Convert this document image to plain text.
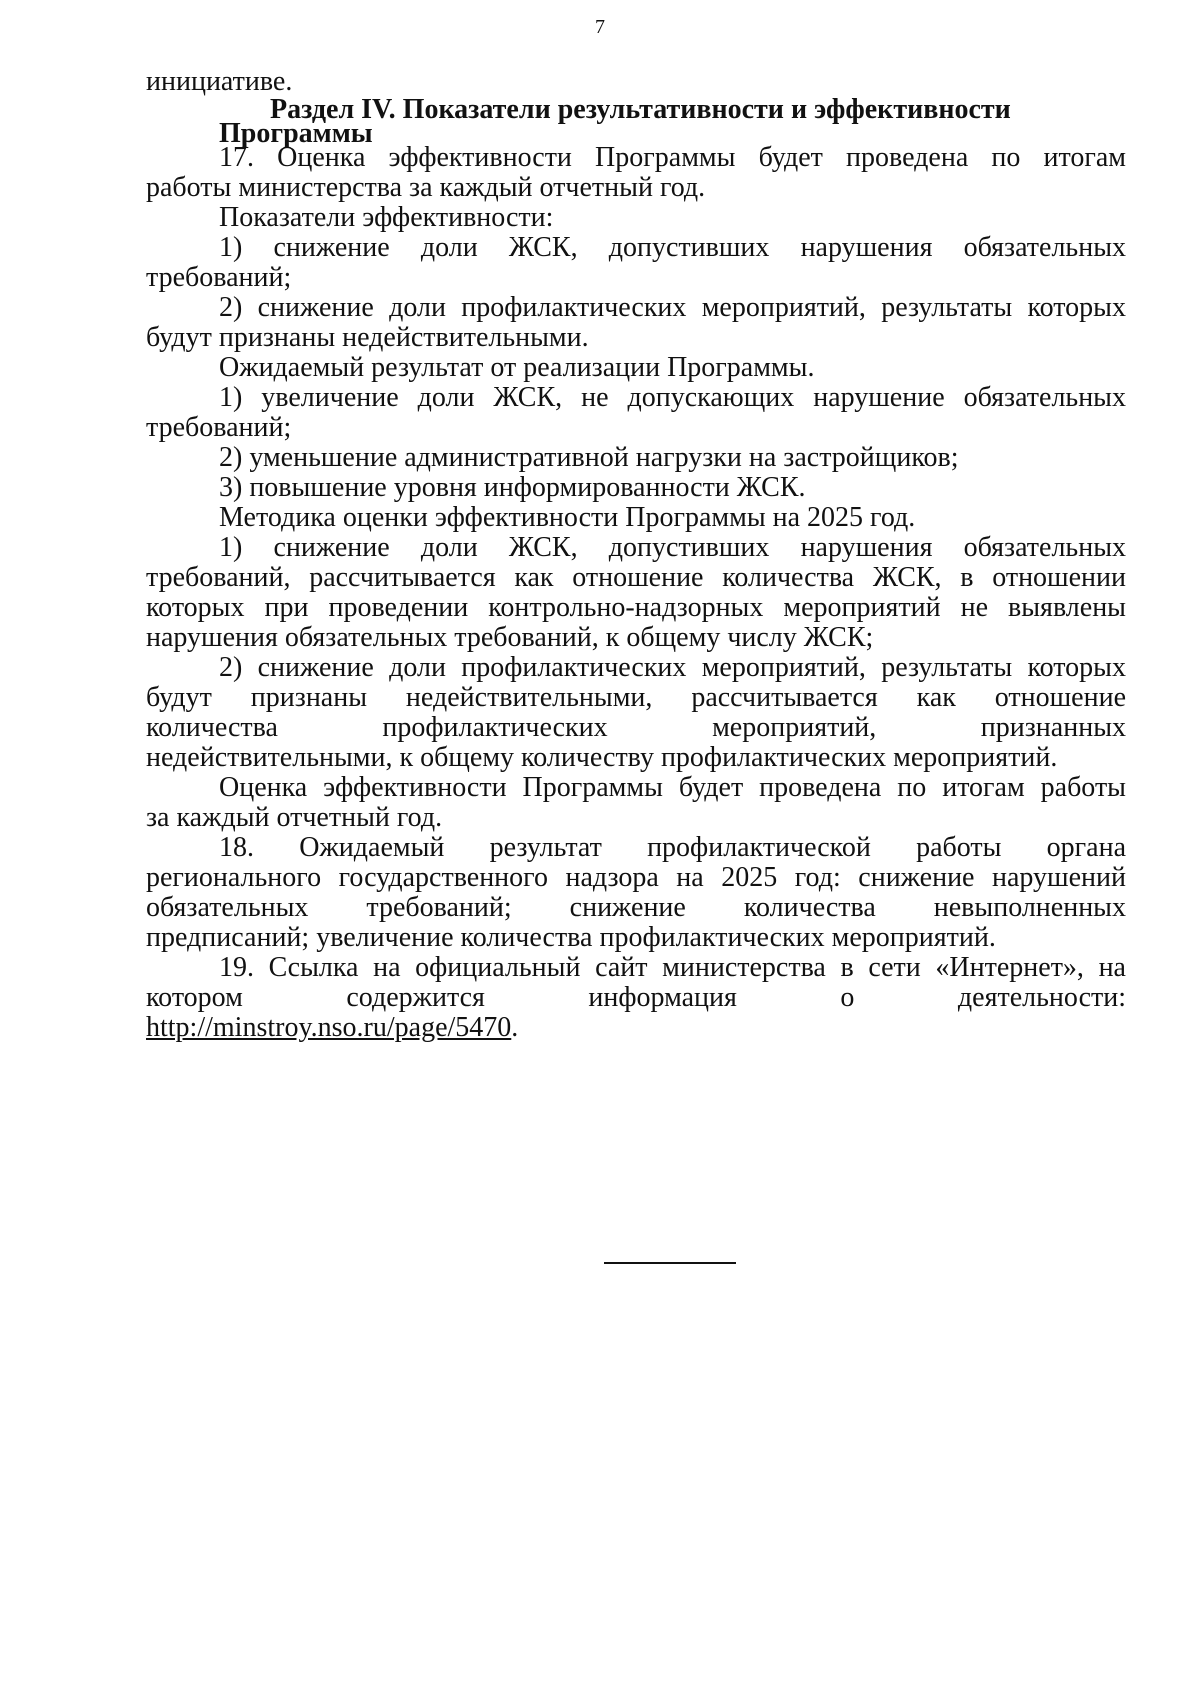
7
инициативе.
Раздел IV. Показатели результативности и эффективности
Программы
17. Оценка эффективности Программы будет проведена по итогам
работы министерства за каждый отчетный год.
Показатели эффективности:
1) снижение доли ЖСК, допустивших нарушения обязательных
требований;
2) снижение доли профилактических мероприятий, результаты которых
будут признаны недействительными.
Ожидаемый результат от реализации Программы.
1) увеличение доли ЖСК, не допускающих нарушение обязательных
требований;
2) уменьшение административной нагрузки на застройщиков;
3) повышение уровня информированности ЖСК.
Методика оценки эффективности Программы на 2025 год.
1) снижение доли ЖСК, допустивших нарушения обязательных
требований, рассчитывается как отношение количества ЖСК, в отношении
которых при проведении контрольно-надзорных мероприятий не выявлены
нарушения обязательных требований, к общему числу ЖСК;
2) снижение доли профилактических мероприятий, результаты которых
будут признаны недействительными, рассчитывается как отношение
количества профилактических мероприятий, признанных
недействительными, к общему количеству профилактических мероприятий.
Оценка эффективности Программы будет проведена по итогам работы
за каждый отчетный год.
18. Ожидаемый результат профилактической работы органа
регионального государственного надзора на 2025 год: снижение нарушений
обязательных требований; снижение количества невыполненных
предписаний; увеличение количества профилактических мероприятий.
19. Ссылка на официальный сайт министерства в сети «Интернет», на
котором содержится информация о деятельности:
http://minstroy.nso.ru/page/5470.
